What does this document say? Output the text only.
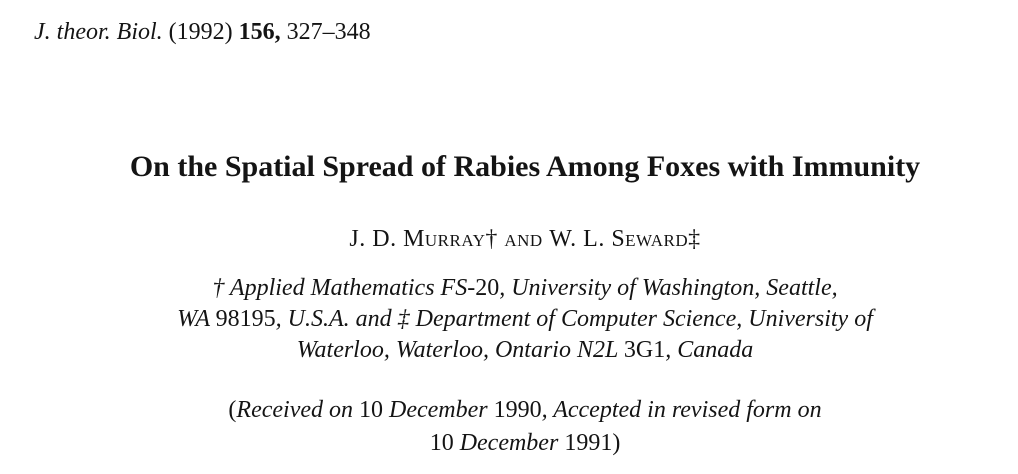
J. theor. Biol. (1992) 156, 327–348
On the Spatial Spread of Rabies Among Foxes with Immunity
J. D. Murray† and W. L. Seward‡
† Applied Mathematics FS-20, University of Washington, Seattle,
WA 98195, U.S.A. and ‡ Department of Computer Science, University of
Waterloo, Waterloo, Ontario N2L 3G1, Canada
(Received on 10 December 1990, Accepted in revised form on
10 December 1991)
